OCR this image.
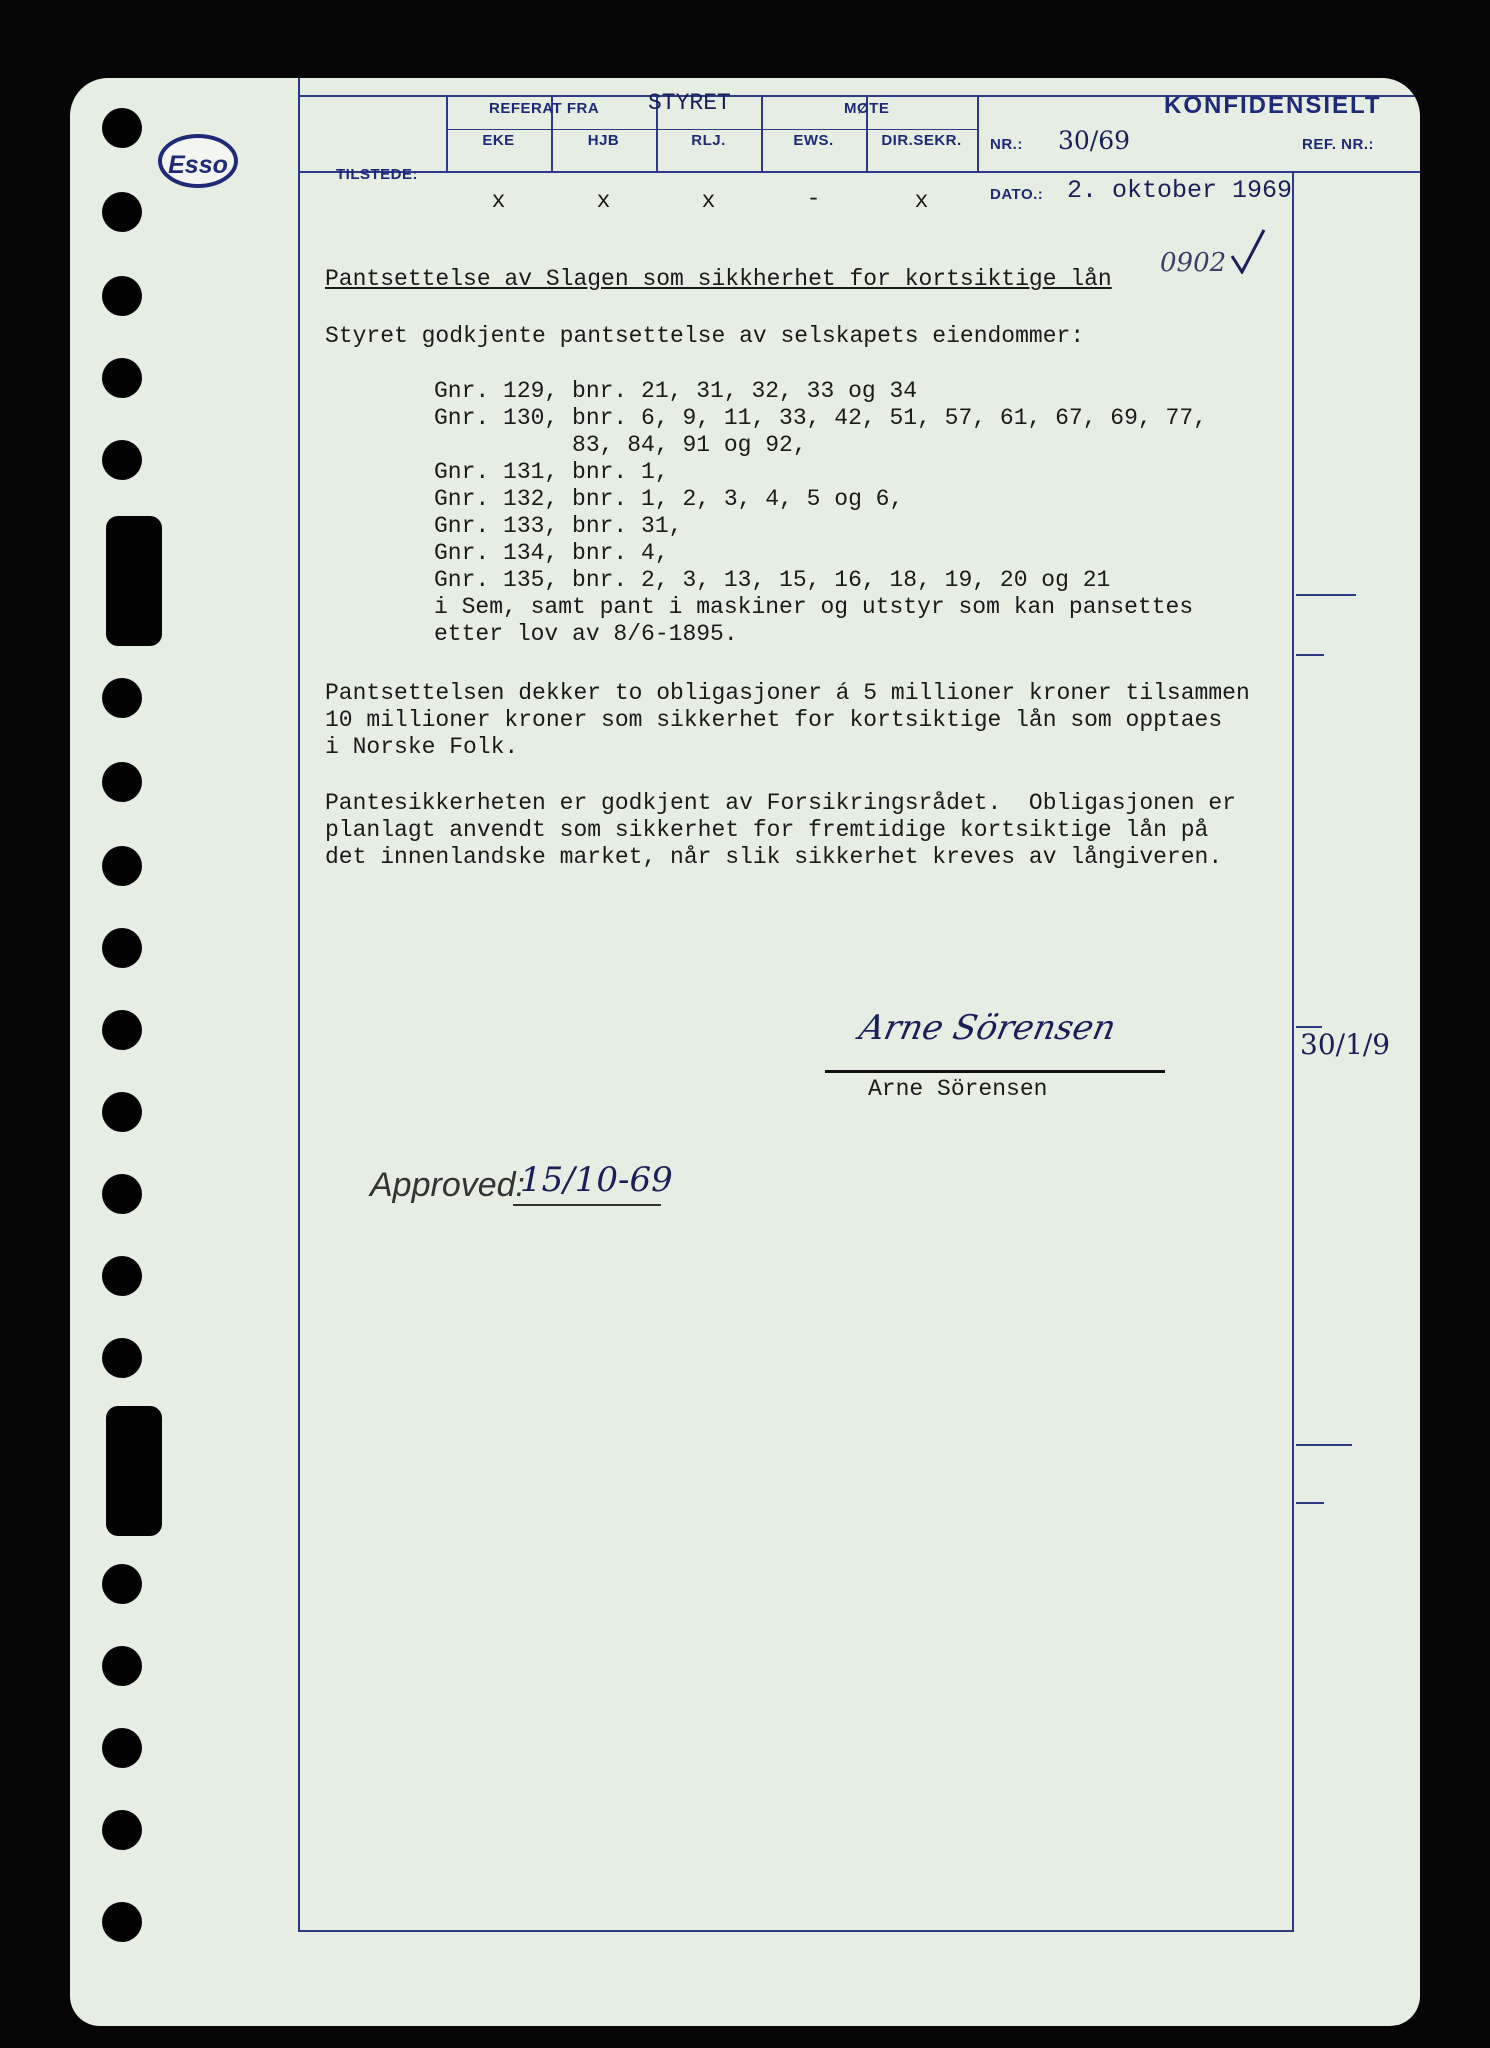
Esso
REFERAT FRA STYRET	MØTE	KONFIDENSIELT
TILSTEDE:
EKE	HJB	RLJ.	EWS.	DIR.SEKR.
x	x	x	-	x
NR.: 30/69
DATO.: 2. oktober 1969
REF. NR.:
0902
Pantsettelse av Slagen som sikkherhet for kortsiktige lån
Styret godkjente pantsettelse av selskapets eiendommer:
Gnr. 129, bnr. 21, 31, 32, 33 og 34
Gnr. 130, bnr. 6, 9, 11, 33, 42, 51, 57, 61, 67, 69, 77,
83, 84, 91 og 92,
Gnr. 131, bnr. 1,
Gnr. 132, bnr. 1, 2, 3, 4, 5 og 6,
Gnr. 133, bnr. 31,
Gnr. 134, bnr. 4,
Gnr. 135, bnr. 2, 3, 13, 15, 16, 18, 19, 20 og 21
i Sem, samt pant i maskiner og utstyr som kan pansettes
etter lov av 8/6-1895.
Pantsettelsen dekker to obligasjoner á 5 millioner kroner tilsammen
10 millioner kroner som sikkerhet for kortsiktige lån som opptaes
i Norske Folk.
Pantesikkerheten er godkjent av Forsikringsrådet.  Obligasjonen er
planlagt anvendt som sikkerhet for fremtidige kortsiktige lån på
det innenlandske market, når slik sikkerhet kreves av långiveren.
Arne Sörensen
Arne Sörensen
30/1/9
Approved:
15/10-69
